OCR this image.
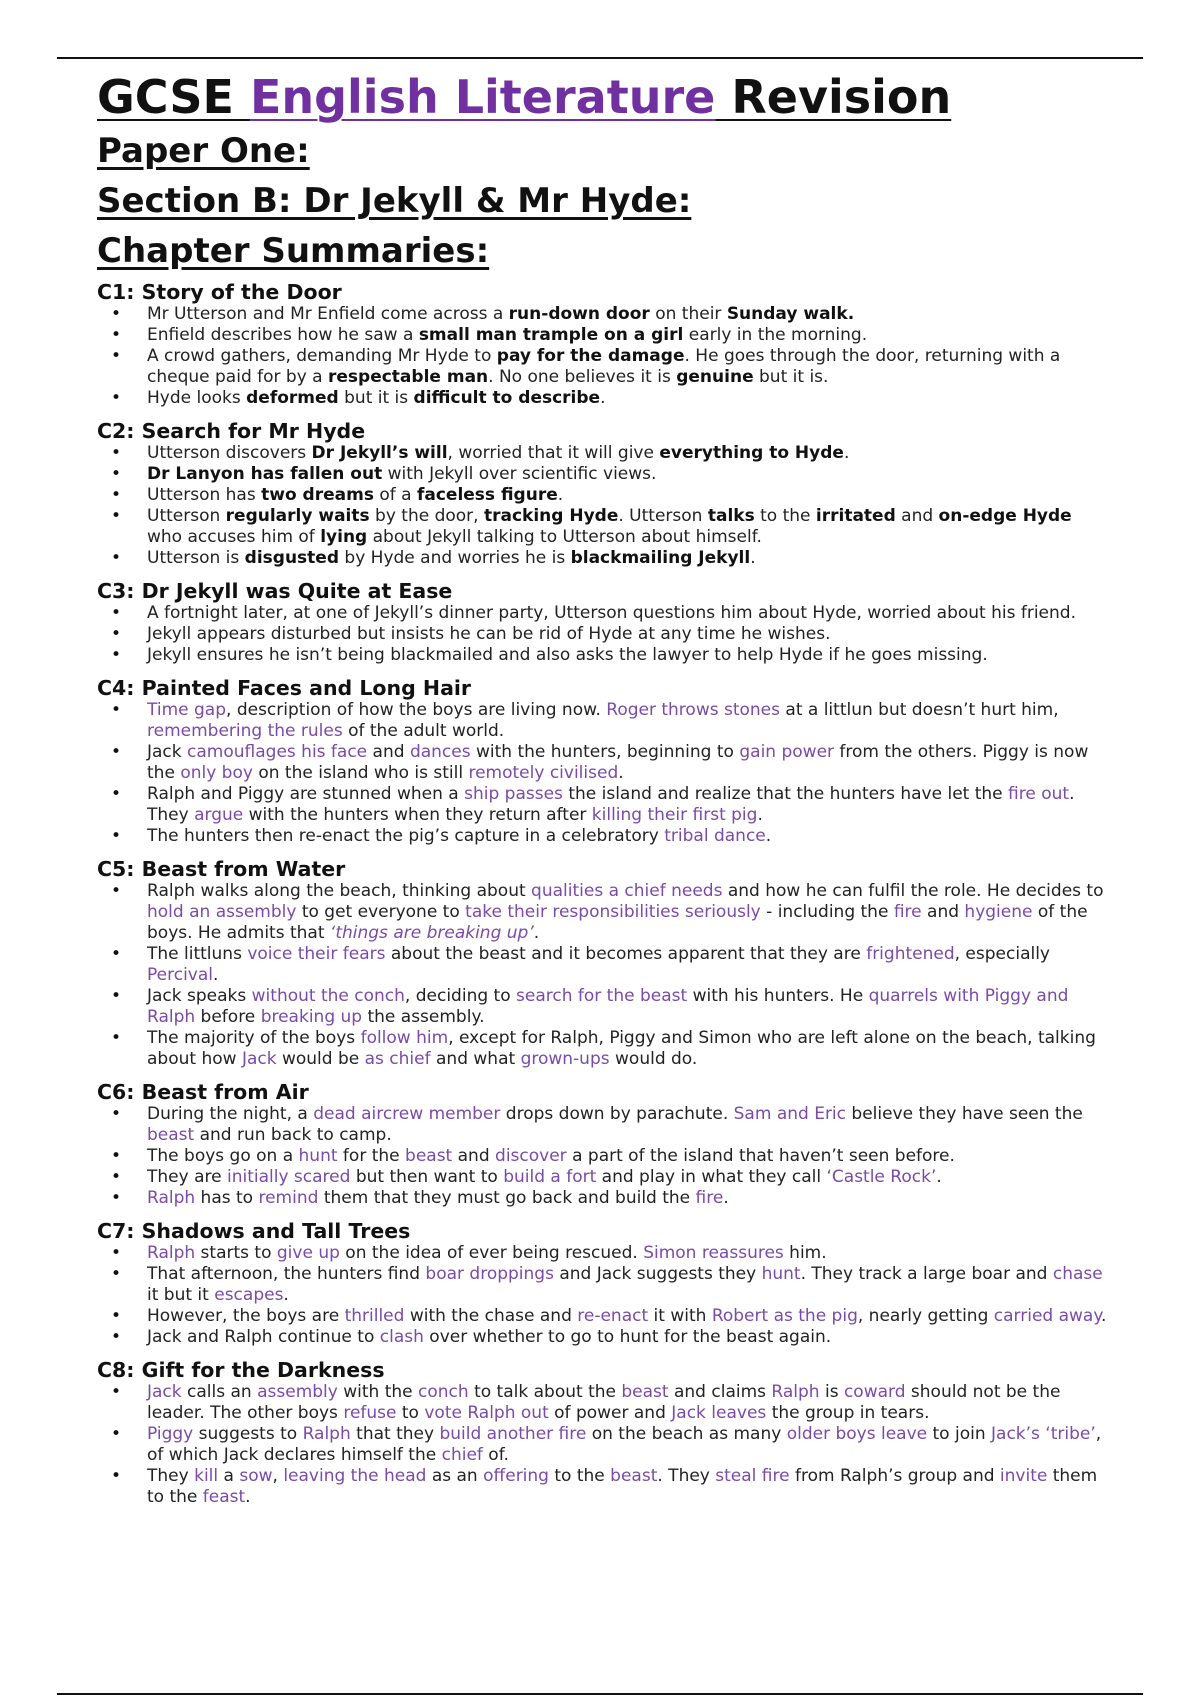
GCSE English Literature Revision
Paper One:
Section B: Dr Jekyll & Mr Hyde:
Chapter Summaries:
C1: Story of the Door
• Mr Utterson and Mr Enfield come across a run-down door on their Sunday walk.
• Enfield describes how he saw a small man trample on a girl early in the morning.
• A crowd gathers, demanding Mr Hyde to pay for the damage. He goes through the door, returning with a cheque paid for by a respectable man. No one believes it is genuine but it is.
• Hyde looks deformed but it is difficult to describe.
C2: Search for Mr Hyde
• Utterson discovers Dr Jekyll’s will, worried that it will give everything to Hyde.
• Dr Lanyon has fallen out with Jekyll over scientific views.
• Utterson has two dreams of a faceless figure.
• Utterson regularly waits by the door, tracking Hyde. Utterson talks to the irritated and on-edge Hyde who accuses him of lying about Jekyll talking to Utterson about himself.
• Utterson is disgusted by Hyde and worries he is blackmailing Jekyll.
C3: Dr Jekyll was Quite at Ease
• A fortnight later, at one of Jekyll’s dinner party, Utterson questions him about Hyde, worried about his friend.
• Jekyll appears disturbed but insists he can be rid of Hyde at any time he wishes.
• Jekyll ensures he isn’t being blackmailed and also asks the lawyer to help Hyde if he goes missing.
C4: Painted Faces and Long Hair
• Time gap, description of how the boys are living now. Roger throws stones at a littlun but doesn’t hurt him, remembering the rules of the adult world.
• Jack camouflages his face and dances with the hunters, beginning to gain power from the others. Piggy is now the only boy on the island who is still remotely civilised.
• Ralph and Piggy are stunned when a ship passes the island and realize that the hunters have let the fire out. They argue with the hunters when they return after killing their first pig.
• The hunters then re-enact the pig’s capture in a celebratory tribal dance.
C5: Beast from Water
• Ralph walks along the beach, thinking about qualities a chief needs and how he can fulfil the role. He decides to hold an assembly to get everyone to take their responsibilities seriously - including the fire and hygiene of the boys. He admits that ‘things are breaking up’.
• The littluns voice their fears about the beast and it becomes apparent that they are frightened, especially Percival.
• Jack speaks without the conch, deciding to search for the beast with his hunters. He quarrels with Piggy and Ralph before breaking up the assembly.
• The majority of the boys follow him, except for Ralph, Piggy and Simon who are left alone on the beach, talking about how Jack would be as chief and what grown-ups would do.
C6: Beast from Air
• During the night, a dead aircrew member drops down by parachute. Sam and Eric believe they have seen the beast and run back to camp.
• The boys go on a hunt for the beast and discover a part of the island that haven’t seen before.
• They are initially scared but then want to build a fort and play in what they call ‘Castle Rock’.
• Ralph has to remind them that they must go back and build the fire.
C7: Shadows and Tall Trees
• Ralph starts to give up on the idea of ever being rescued. Simon reassures him.
• That afternoon, the hunters find boar droppings and Jack suggests they hunt. They track a large boar and chase it but it escapes.
• However, the boys are thrilled with the chase and re-enact it with Robert as the pig, nearly getting carried away.
• Jack and Ralph continue to clash over whether to go to hunt for the beast again.
C8: Gift for the Darkness
• Jack calls an assembly with the conch to talk about the beast and claims Ralph is coward should not be the leader. The other boys refuse to vote Ralph out of power and Jack leaves the group in tears.
• Piggy suggests to Ralph that they build another fire on the beach as many older boys leave to join Jack’s ‘tribe’, of which Jack declares himself the chief of.
• They kill a sow, leaving the head as an offering to the beast. They steal fire from Ralph’s group and invite them to the feast.
